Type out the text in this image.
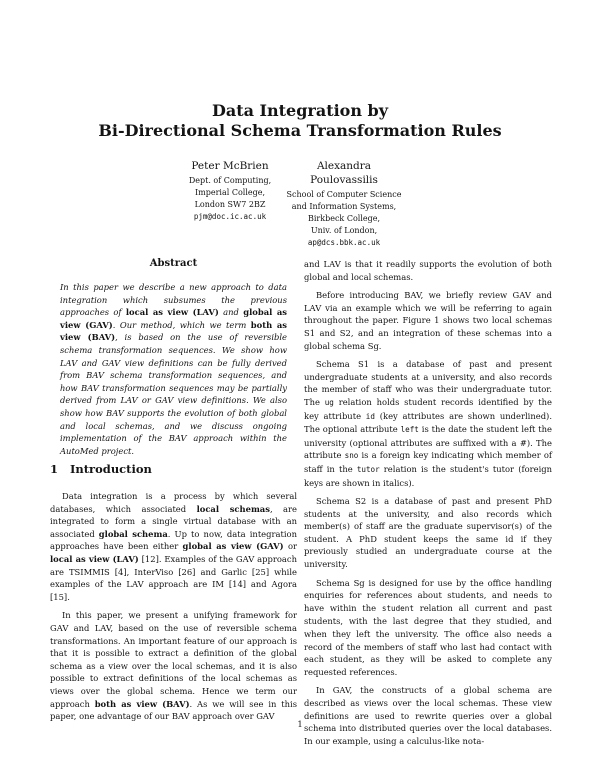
Data Integration by
Bi-Directional Schema Transformation Rules
Peter McBrien
Dept. of Computing,
Imperial College,
London SW7 2BZ
pjm@doc.ic.ac.uk
Alexandra Poulovassilis
School of Computer Science
and Information Systems,
Birkbeck College,
Univ. of London,
ap@dcs.bbk.ac.uk
Abstract
In this paper we describe a new approach to data integration which subsumes the previous approaches of local as view (LAV) and global as view (GAV). Our method, which we term both as view (BAV), is based on the use of reversible schema transformation sequences. We show how LAV and GAV view definitions can be fully derived from BAV schema transformation sequences, and how BAV transformation sequences may be partially derived from LAV or GAV view definitions. We also show how BAV supports the evolution of both global and local schemas, and we discuss ongoing implementation of the BAV approach within the AutoMed project.
1 Introduction

Data integration is a process by which several databases, which associated local schemas, are integrated to form a single virtual database with an associated global schema. Up to now, data integration approaches have been either global as view (GAV) or local as view (LAV) [12]. Examples of the GAV approach are TSIMMIS [4], InterViso [26] and Garlic [25] while examples of the LAV approach are IM [14] and Agora [15].

In this paper, we present a unifying framework for GAV and LAV, based on the use of reversible schema transformations. An important feature of our approach is that it is possible to extract a definition of the global schema as a view over the local schemas, and it is also possible to extract definitions of the local schemas as views over the global schema. Hence we term our approach both as view (BAV). As we will see in this paper, one advantage of our BAV approach over GAV

and LAV is that it readily supports the evolution of both global and local schemas.

Before introducing BAV, we briefly review GAV and LAV via an example which we will be referring to again throughout the paper. Figure 1 shows two local schemas S1 and S2, and an integration of these schemas into a global schema Sg.

Schema S1 is a database of past and present undergraduate students at a university, and also records the member of staff who was their undergraduate tutor. The ug relation holds student records identified by the key attribute id (key attributes are shown underlined). The optional attribute left is the date the student left the university (optional attributes are suffixed with a #). The attribute sno is a foreign key indicating which member of staff in the tutor relation is the student's tutor (foreign keys are shown in italics).

Schema S2 is a database of past and present PhD students at the university, and also records which member(s) of staff are the graduate supervisor(s) of the student. A PhD student keeps the same id if they previously studied an undergraduate course at the university.

Schema Sg is designed for use by the office handling enquiries for references about students, and needs to have within the student relation all current and past students, with the last degree that they studied, and when they left the university. The office also needs a record of the members of staff who last had contact with each student, as they will be asked to complete any requested references.

In GAV, the constructs of a global schema are described as views over the local schemas. These view definitions are used to rewrite queries over a global schema into distributed queries over the local databases. In our example, using a calculus-like nota-

1
